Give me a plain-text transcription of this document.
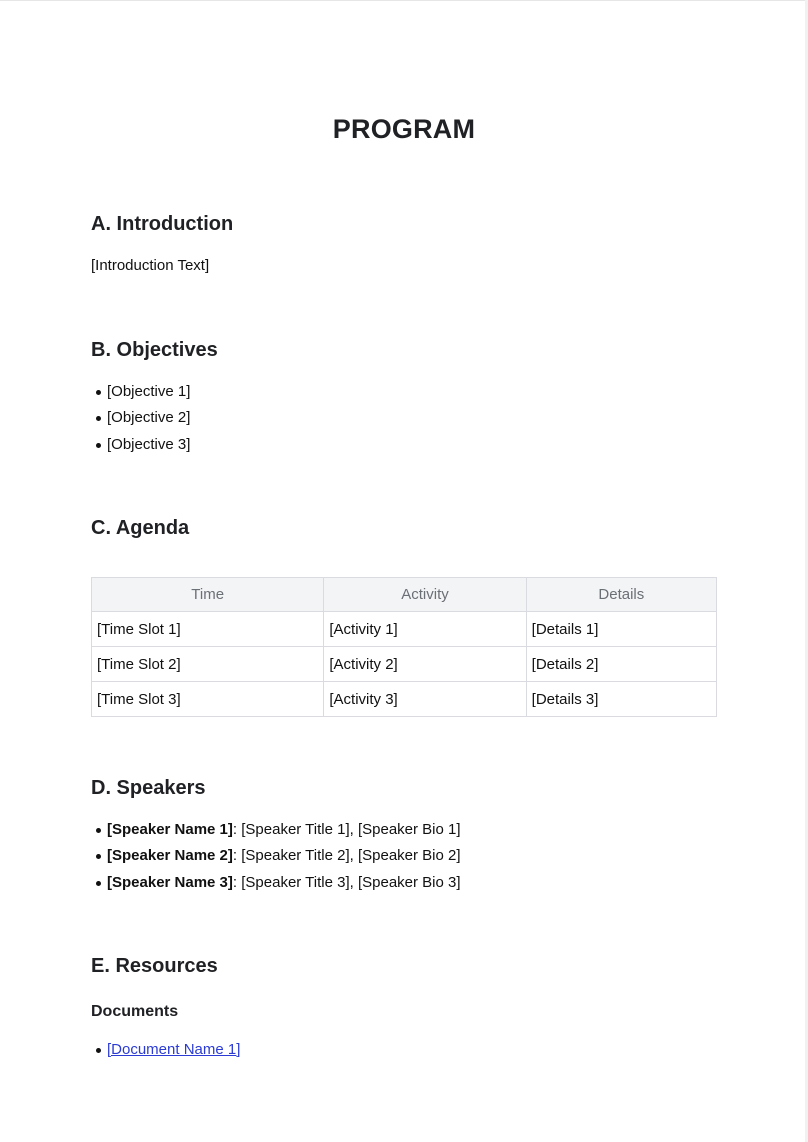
PROGRAM
A. Introduction

[Introduction Text]

B. Objectives
[Objective 1]
[Objective 2]
[Objective 3]
C. Agenda
Time	Activity	Details
[Time Slot 1]	[Activity 1]	[Details 1]
[Time Slot 2]	[Activity 2]	[Details 2]
[Time Slot 3]	[Activity 3]	[Details 3]
D. Speakers
[Speaker Name 1]: [Speaker Title 1], [Speaker Bio 1]
[Speaker Name 2]: [Speaker Title 2], [Speaker Bio 2]
[Speaker Name 3]: [Speaker Title 3], [Speaker Bio 3]
E. Resources
Documents
[Document Name 1]
